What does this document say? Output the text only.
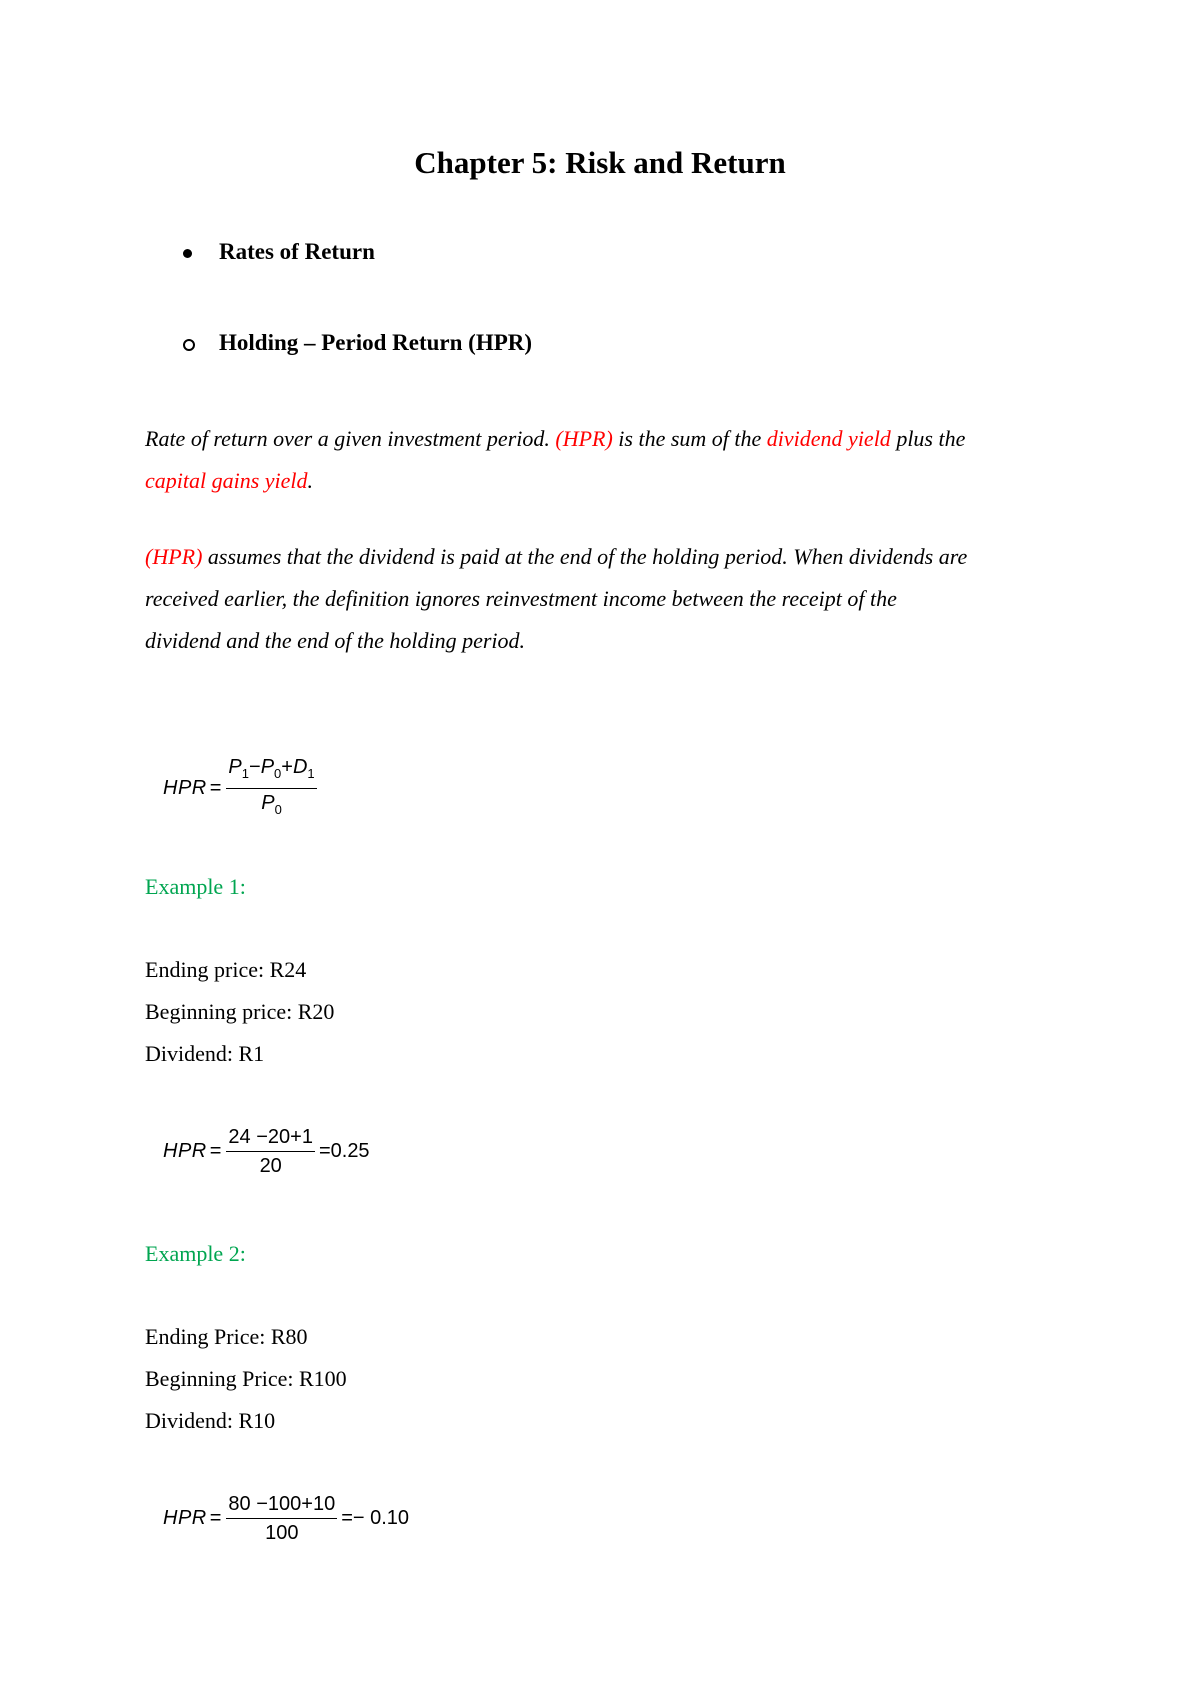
Chapter 5: Risk and Return
Rates of Return
Holding – Period Return (HPR)
Rate of return over a given investment period. (HPR) is the sum of the dividend yield plus the
capital gains yield.
(HPR) assumes that the dividend is paid at the end of the holding period. When dividends are
received earlier, the definition ignores reinvestment income between the receipt of the
dividend and the end of the holding period.
HPR = $\frac{P_1-P_0+D_1}{P_0}$
Example 1:
Ending price: R24
Beginning price: R20
Dividend: R1
HPR = $\frac{24 -20+1}{20} =0.25$
Example 2:
Ending Price: R80
Beginning Price: R100
Dividend: R10
HPR = $\frac{80 -100+10}{100} =- 0.10$
